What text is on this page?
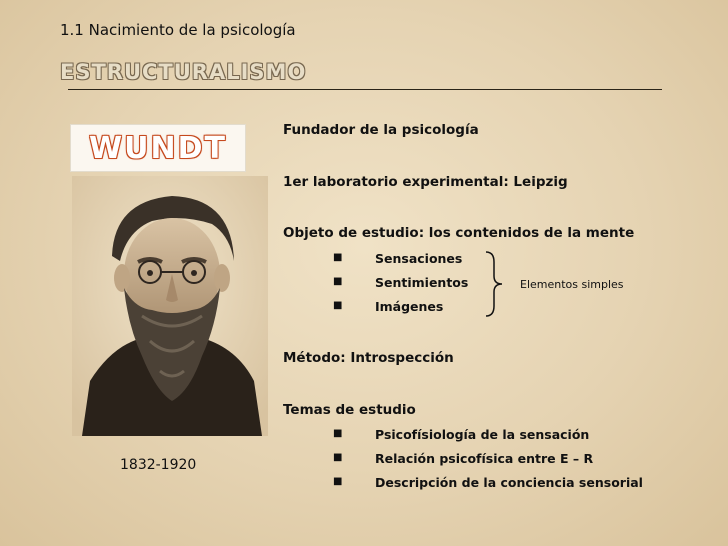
1.1 Nacimiento de la psicología
ESTRUCTURALISMO
WUNDT
1832-1920
Fundador de la psicología
1er laboratorio experimental: Leipzig
Objeto de estudio: los contenidos de la mente
■	Sensaciones
■	Sentimientos
■	Imágenes
Método: Introspección
Temas de estudio
■	Psicofísiología de la sensación
■	Relación psicofísica entre E – R
■	Descripción de la conciencia sensorial
Elementos simples
